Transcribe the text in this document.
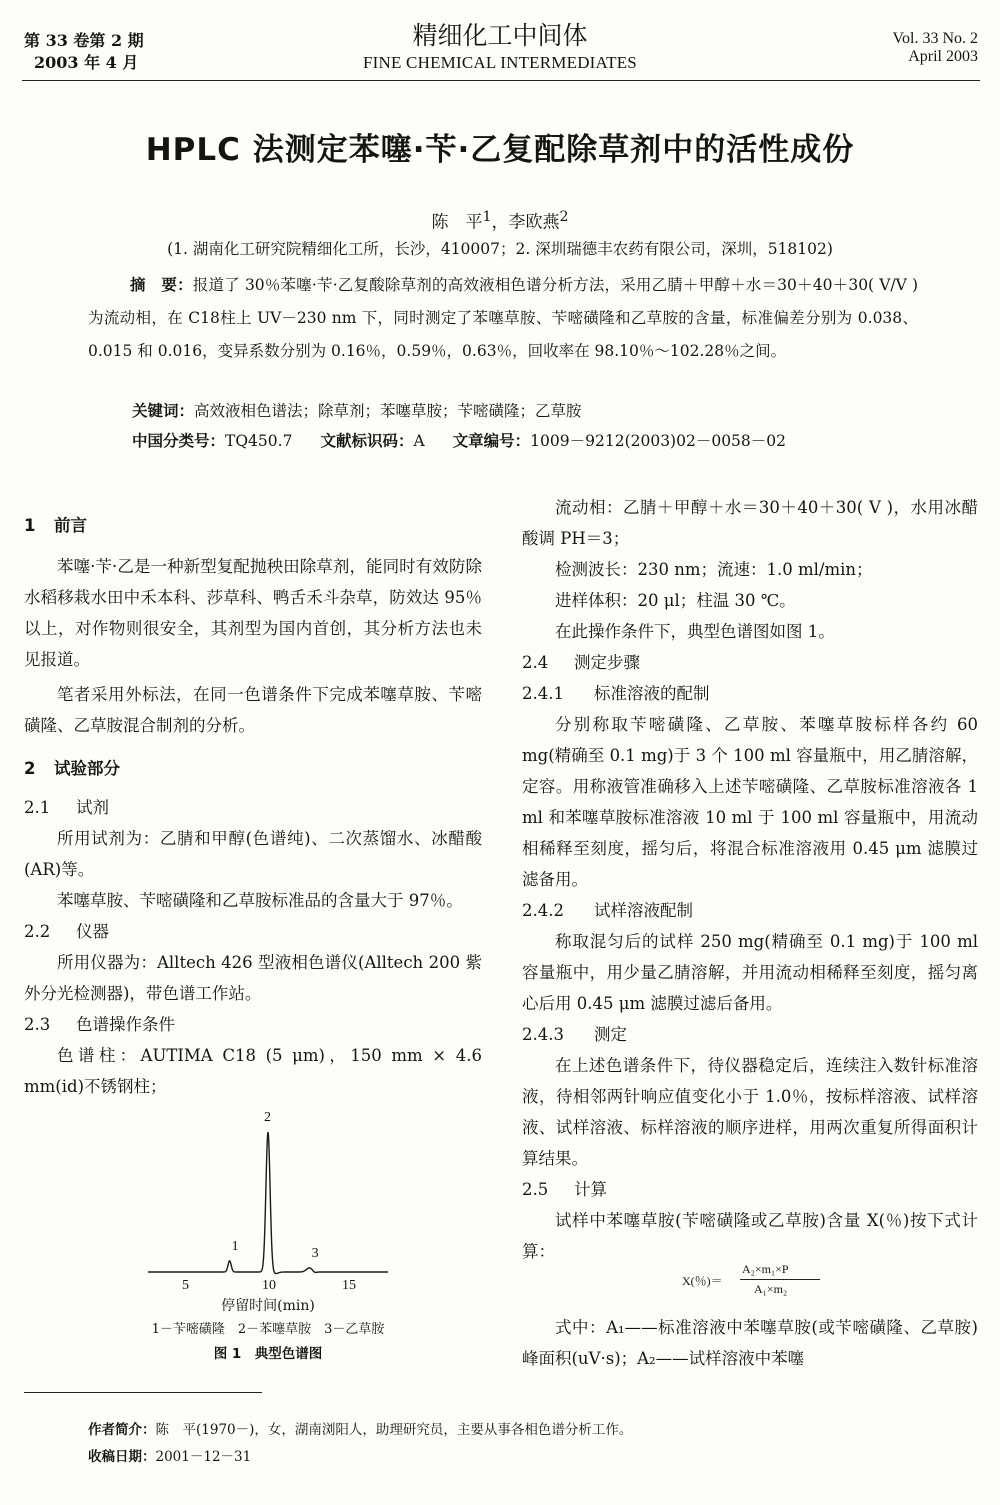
第 33 卷第 2 期
2003 年 4 月
精细化工中间体
FINE CHEMICAL INTERMEDIATES
Vol. 33 No. 2
April 2003
HPLC 法测定苯噻·苄·乙复配除草剂中的活性成份
陈　平$^1$，李欧燕$^2$
(1. 湖南化工研究院精细化工所，长沙，410007；2. 深圳瑞德丰农药有限公司，深圳，518102)
摘　要：报道了 30％苯噻·苄·乙复酸除草剂的高效液相色谱分析方法，采用乙腈＋甲醇＋水＝30＋40＋30( V/V )为流动相，在 C18柱上 UV－230 nm 下，同时测定了苯噻草胺、苄嘧磺隆和乙草胺的含量，标准偏差分别为 0.038、0.015 和 0.016，变异系数分别为 0.16％，0.59％，0.63％，回收率在 98.10％～102.28％之间。
关键词：高效液相色谱法；除草剂；苯噻草胺；苄嘧磺隆；乙草胺
中国分类号：TQ450.7 文献标识码：A 文章编号：1009－9212(2003)02－0058－02
1 前言

苯噻·苄·乙是一种新型复配抛秧田除草剂，能同时有效防除水稻移栽水田中禾本科、莎草科、鸭舌禾斗杂草，防效达 95％以上，对作物则很安全，其剂型为国内首创，其分析方法也未见报道。

笔者采用外标法，在同一色谱条件下完成苯噻草胺、苄嘧磺隆、乙草胺混合制剂的分析。

2 试验部分
2.1 试剂

所用试剂为：乙腈和甲醇(色谱纯)、二次蒸馏水、冰醋酸(AR)等。

苯噻草胺、苄嘧磺隆和乙草胺标准品的含量大于 97％。

2.2 仪器

所用仪器为：Alltech 426 型液相色谱仪(Alltech 200 紫外分光检测器)，带色谱工作站。

2.3 色谱操作条件

色谱柱：AUTIMA C18 (5 μm)，150 mm × 4.6 mm(id)不锈钢柱；

5	10	15
1
2
3
停留时间(min)
1－苄嘧磺隆　2－苯噻草胺　3－乙草胺
图 1　典型色谱图

流动相：乙腈＋甲醇＋水＝30＋40＋30( V )，水用冰醋酸调 PH＝3；

检测波长：230 nm；流速：1.0 ml/min；

进样体积：20 μl；柱温 30 ℃。

在此操作条件下，典型色谱图如图 1。

2.4 测定步骤
2.4.1 标准溶液的配制

分别称取苄嘧磺隆、乙草胺、苯噻草胺标样各约 60 mg(精确至 0.1 mg)于 3 个 100 ml 容量瓶中，用乙腈溶解，定容。用称液管准确移入上述苄嘧磺隆、乙草胺标准溶液各 1 ml 和苯噻草胺标准溶液 10 ml 于 100 ml 容量瓶中，用流动相稀释至刻度，摇匀后，将混合标准溶液用 0.45 μm 滤膜过滤备用。

2.4.2 试样溶液配制

称取混匀后的试样 250 mg(精确至 0.1 mg)于 100 ml 容量瓶中，用少量乙腈溶解，并用流动相稀释至刻度，摇匀离心后用 0.45 μm 滤膜过滤后备用。

2.4.3 测定

在上述色谱条件下，待仪器稳定后，连续注入数针标准溶液，待相邻两针响应值变化小于 1.0％，按标样溶液、试样溶液、试样溶液、标样溶液的顺序进样，用两次重复所得面积计算结果。

2.5 计算

试样中苯噻草胺(苄嘧磺隆或乙草胺)含量 X(％)按下式计算：

X(％)＝
A₂×m₁×P
A₁×m₂

式中：A₁——标准溶液中苯噻草胺(或苄嘧磺隆、乙草胺)峰面积(uV·s)；A₂——试样溶液中苯噻

作者简介：陈　平(1970－)，女，湖南浏阳人，助理研究员，主要从事各相色谱分析工作。
收稿日期：2001－12－31
